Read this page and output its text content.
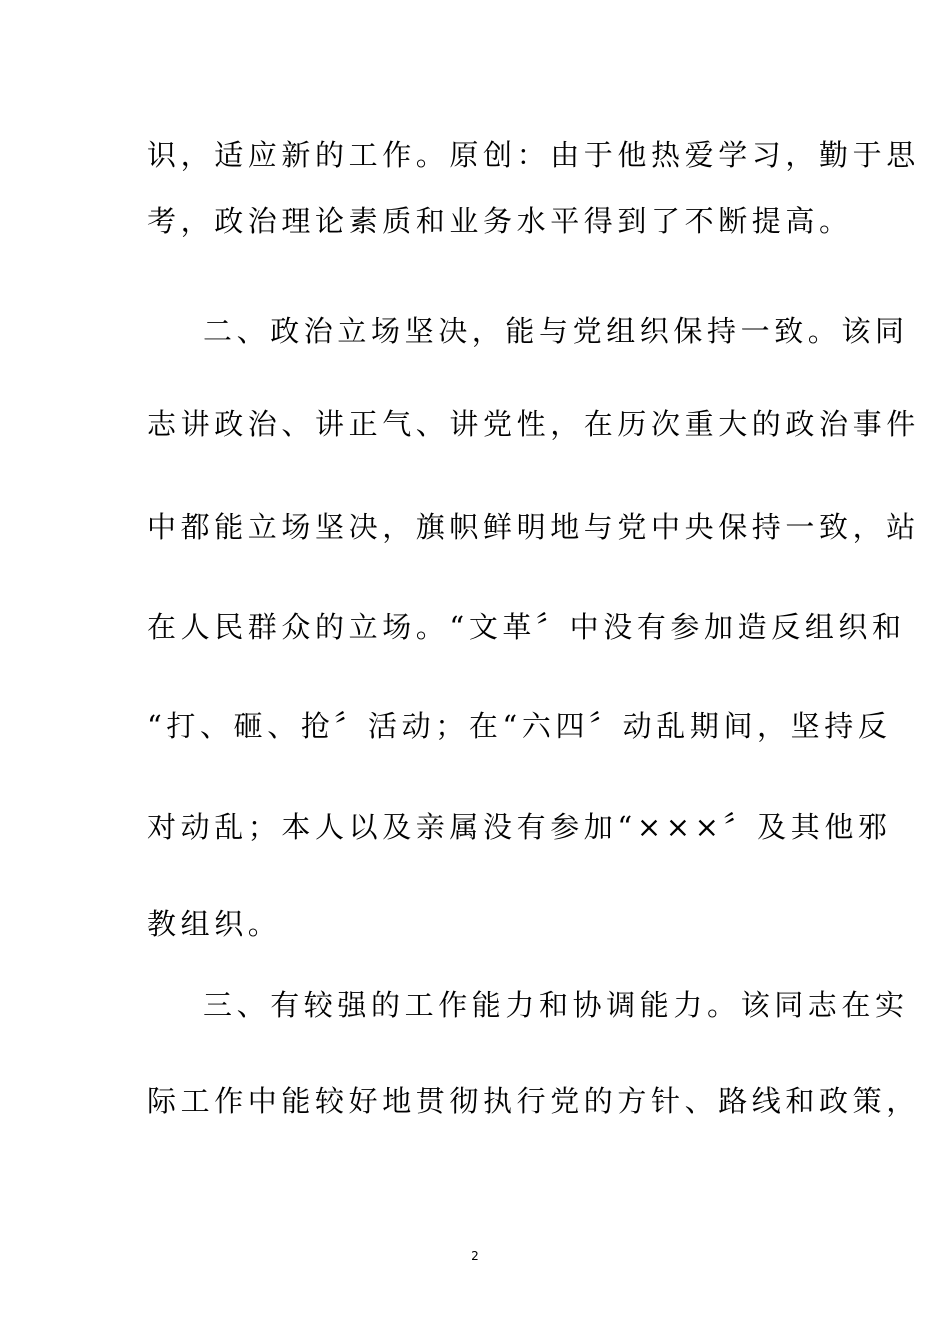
识，适应新的工作。原创：由于他热爱学习，勤于思
考，政治理论素质和业务水平得到了不断提高。
二、政治立场坚决，能与党组织保持一致。该同
志讲政治、讲正气、讲党性，在历次重大的政治事件
中都能立场坚决，旗帜鲜明地与党中央保持一致，站
在人民群众的立场。“文革〞中没有参加造反组织和
“打、砸、抢〞活动；在“六四〞动乱期间，坚持反
对动乱；本人以及亲属没有参加“×××〞及其他邪
教组织。
三、有较强的工作能力和协调能力。该同志在实
际工作中能较好地贯彻执行党的方针、路线和政策，
2
